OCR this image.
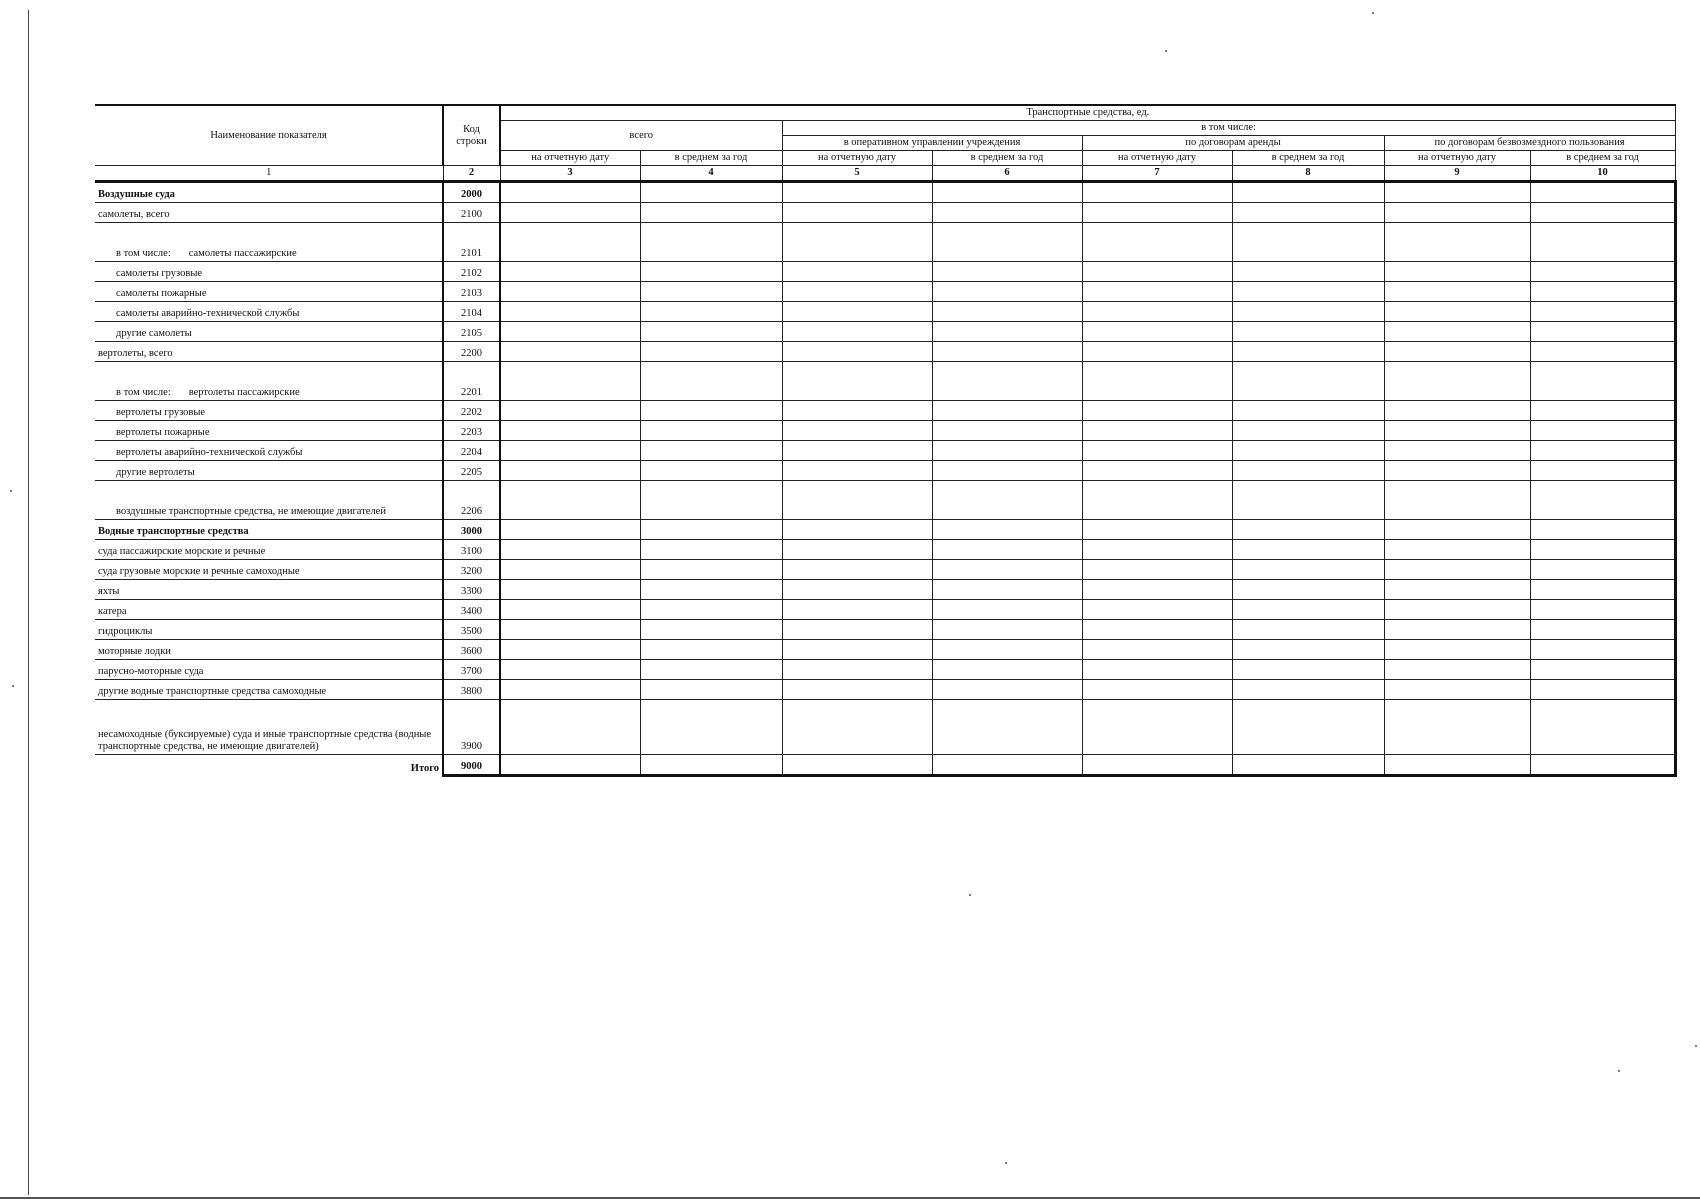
Наименование показателя	Код строки	Транспортные средства, ед.							
		всего		в том числе:					
				в оперативном управлении учреждения		по договорам аренды		по договорам безвозмездного пользования	
		на отчетную дату	в среднем за год	на отчетную дату	в среднем за год	на отчетную дату	в среднем за год	на отчетную дату	в среднем за год
1	2	3	4	5	6	7	8	9	10
Воздушные суда	2000								
самолеты, всего	2100								
в том числе: самолеты пассажирские	2101								
самолеты грузовые	2102								
самолеты пожарные	2103								
самолеты аварийно-технической службы	2104								
другие самолеты	2105								
вертолеты, всего	2200								
в том числе: вертолеты пассажирские	2201								
вертолеты грузовые	2202								
вертолеты пожарные	2203								
вертолеты аварийно-технической службы	2204								
другие вертолеты	2205								
воздушные транспортные средства, не имеющие двигателей	2206								
Водные транспортные средства	3000								
суда пассажирские морские и речные	3100								
суда грузовые морские и речные самоходные	3200								
яхты	3300								
катера	3400								
гидроциклы	3500								
моторные лодки	3600								
парусно-моторные суда	3700								
другие водные транспортные средства самоходные	3800								
несамоходные (буксируемые) суда и иные транспортные средства (водные транспортные средства, не имеющие двигателей)	3900								
Итого	9000								
